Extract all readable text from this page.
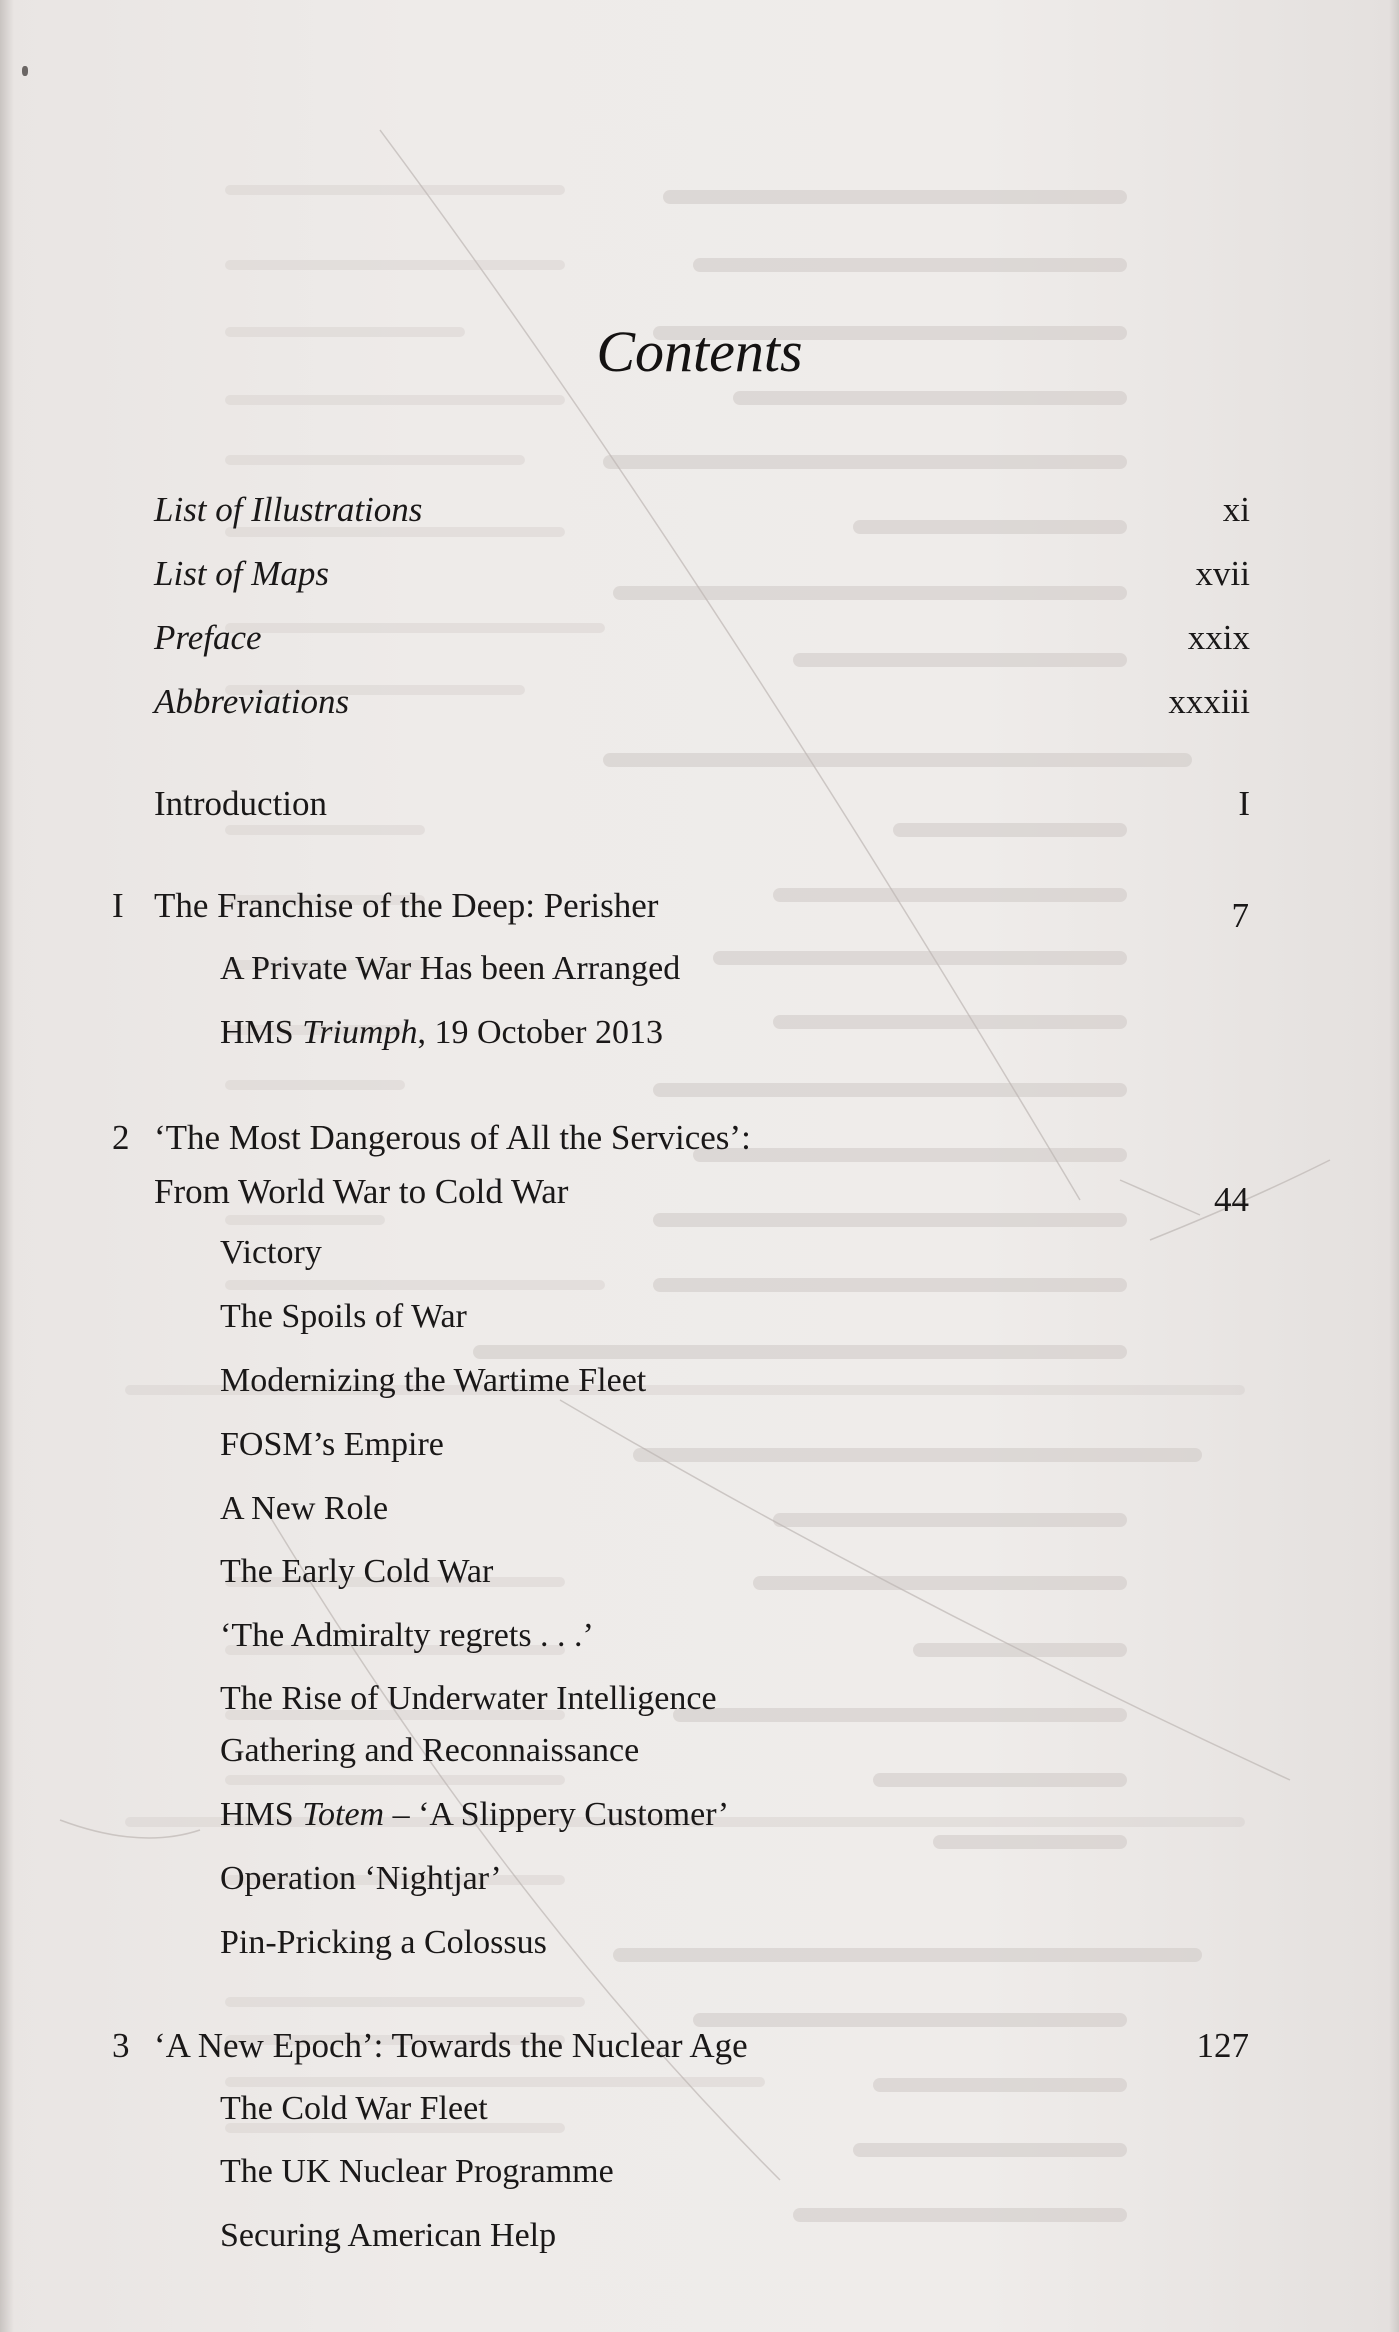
Contents
List of Illustrations	xi
List of Maps	xvii
Preface	xxix
Abbreviations	xxxiii
Introduction	I
I The Franchise of the Deep: Perisher	7
A Private War Has been Arranged
HMS Triumph, 19 October 2013
2 ‘The Most Dangerous of All the Services’:
From World War to Cold War	44
Victory
The Spoils of War
Modernizing the Wartime Fleet
FOSM’s Empire
A New Role
The Early Cold War
‘The Admiralty regrets . . .’
The Rise of Underwater Intelligence
Gathering and Reconnaissance
HMS Totem – ‘A Slippery Customer’
Operation ‘Nightjar’
Pin-Pricking a Colossus
3 ‘A New Epoch’: Towards the Nuclear Age	127
The Cold War Fleet
The UK Nuclear Programme
Securing American Help
